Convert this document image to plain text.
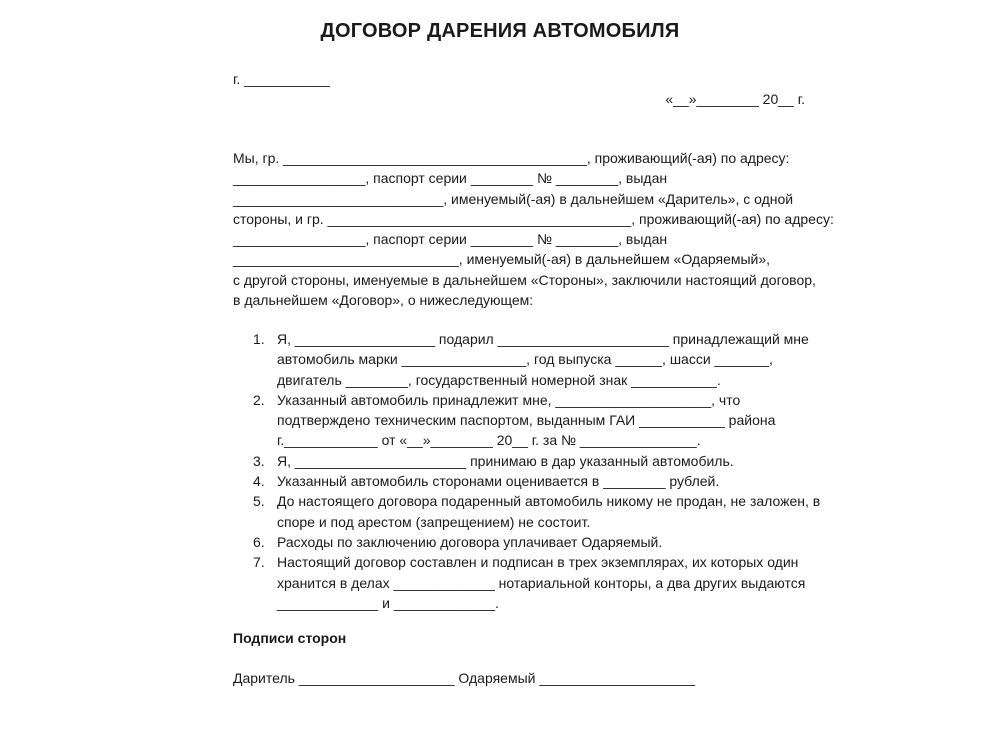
ДОГОВОР ДАРЕНИЯ АВТОМОБИЛЯ
г. ___________
«__»________ 20__ г.
Мы, гр. _______________________________________, проживающий(-ая) по адресу:
_________________, паспорт серии ________ № ________, выдан
___________________________, именуемый(-ая) в дальнейшем «Даритель», с одной
стороны, и гр. _______________________________________, проживающий(-ая) по адресу:
_________________, паспорт серии ________ № ________, выдан
_____________________________, именуемый(-ая) в дальнейшем «Одаряемый»,
с другой стороны, именуемые в дальнейшем «Стороны», заключили настоящий договор,
в дальнейшем «Договор», о нижеследующем:
1. Я, __________________ подарил ______________________ принадлежащий мне
автомобиль марки ________________, год выпуска ______, шасси _______,
двигатель ________, государственный номерной знак ___________.
2. Указанный автомобиль принадлежит мне, ____________________, что
подтверждено техническим паспортом, выданным ГАИ ___________ района
г.____________ от «__»________ 20__ г. за № _______________.
3. Я, ______________________ принимаю в дар указанный автомобиль.
4. Указанный автомобиль сторонами оценивается в ________ рублей.
5. До настоящего договора подаренный автомобиль никому не продан, не заложен, в
споре и под арестом (запрещением) не состоит.
6. Расходы по заключению договора уплачивает Одаряемый.
7. Настоящий договор составлен и подписан в трех экземплярах, их которых один
хранится в делах _____________ нотариальной конторы, а два других выдаются
_____________ и _____________.
Подписи сторон
Даритель ____________________ Одаряемый ____________________
